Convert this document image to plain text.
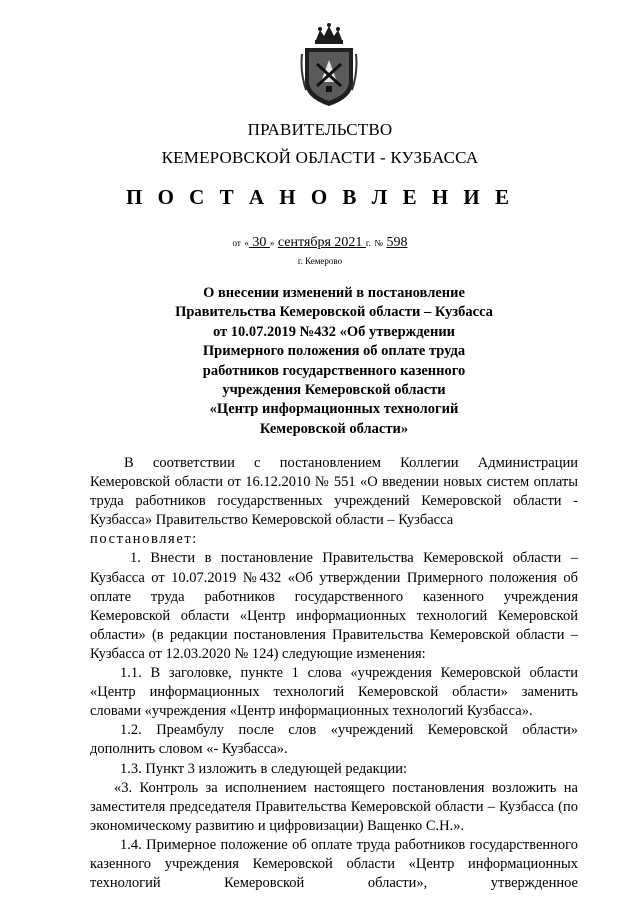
ПРАВИТЕЛЬСТВО
КЕМЕРОВСКОЙ ОБЛАСТИ - КУЗБАССА
П О С Т А Н О В Л Е Н И Е
от « 30 » сентября 2021 г. № 598
г. Кемерово
О внесении изменений в постановление
Правительства Кемеровской области – Кузбасса
от 10.07.2019 №432 «Об утверждении
Примерного положения об оплате труда
работников государственного казенного
учреждения Кемеровской области
«Центр информационных технологий
Кемеровской области»

В соответствии с постановлением Коллегии Администрации Кемеровской области от 16.12.2010 № 551 «О введении новых систем оплаты труда работников государственных учреждений Кемеровской области - Кузбасса» Правительство Кемеровской области – Кузбасса

постановляет:

1. Внести в постановление Правительства Кемеровской области – Кузбасса от 10.07.2019 №432 «Об утверждении Примерного положения об оплате труда работников государственного казенного учреждения Кемеровской области «Центр информационных технологий Кемеровской области» (в редакции постановления Правительства Кемеровской области – Кузбасса от 12.03.2020 № 124) следующие изменения:

1.1. В заголовке, пункте 1 слова «учреждения Кемеровской области «Центр информационных технологий Кемеровской области» заменить словами «учреждения «Центр информационных технологий Кузбасса».

1.2. Преамбулу после слов «учреждений Кемеровской области» дополнить словом «- Кузбасса».

1.3. Пункт 3 изложить в следующей редакции:

«3. Контроль за исполнением настоящего постановления возложить на заместителя председателя Правительства Кемеровской области – Кузбасса (по экономическому развитию и цифровизации) Ващенко С.Н.».

1.4. Примерное положение об оплате труда работников государственного казенного учреждения Кемеровской области «Центр информационных технологий Кемеровской области», утвержденное
